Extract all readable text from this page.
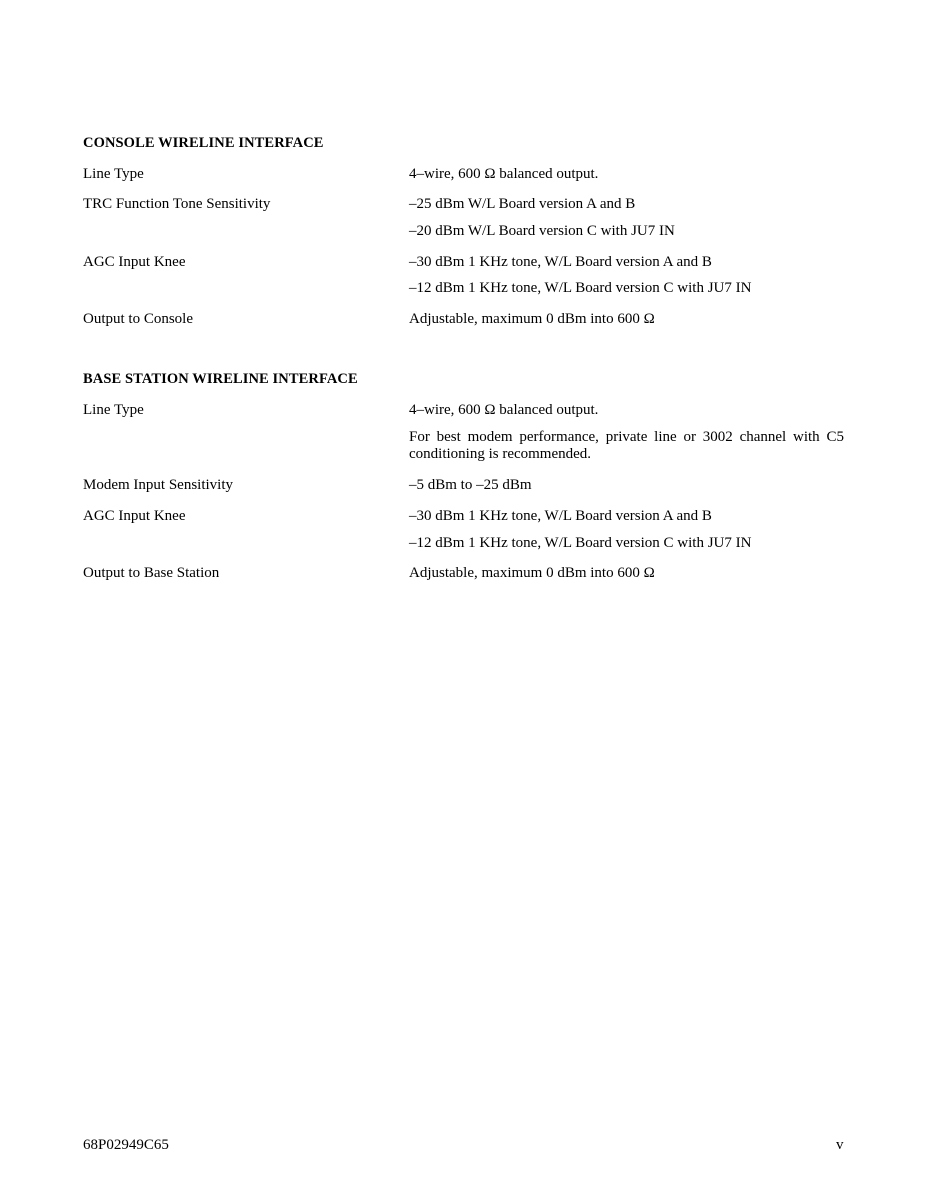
CONSOLE WIRELINE INTERFACE
Line Type	4–wire, 600 Ω balanced output.
TRC Function Tone Sensitivity	–25 dBm W/L Board version A and B
–20 dBm W/L Board version C with JU7 IN
AGC Input Knee	–30 dBm 1 KHz tone, W/L Board version A and B
–12 dBm 1 KHz tone, W/L Board version C with JU7 IN
Output to Console	Adjustable, maximum 0 dBm into 600 Ω
BASE STATION WIRELINE INTERFACE
Line Type	4–wire, 600 Ω balanced output.
For best modem performance, private line or 3002 channel with C5 conditioning is recommended.
Modem Input Sensitivity	–5 dBm to –25 dBm
AGC Input Knee	–30 dBm 1 KHz tone, W/L Board version A and B
–12 dBm 1 KHz tone, W/L Board version C with JU7 IN
Output to Base Station	Adjustable, maximum 0 dBm into 600 Ω
68P02949C65	v
